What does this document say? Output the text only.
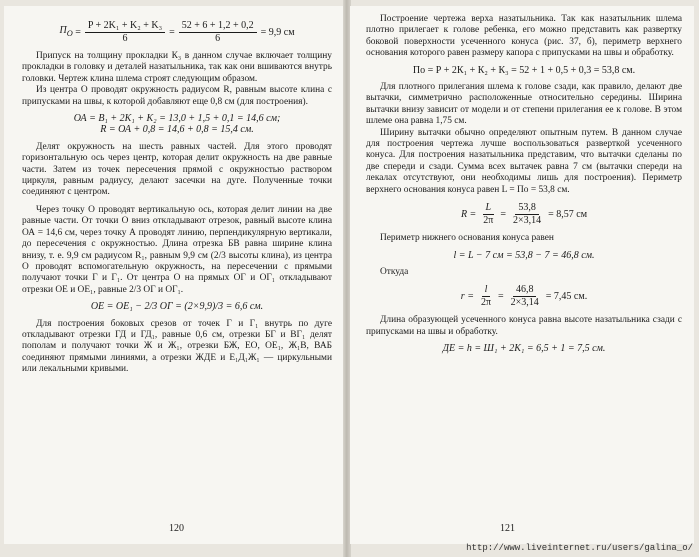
$П_О = \frac{\text{P + 2K₁ + K₂ + K₃}}{6} = \frac{52 + 6 + 1,2 + 0,2}{6} = 9,9$ см

Припуск на толщину прокладки К₃ в данном случае включает толщину прокладки в головку и деталей назатыльника, так как они вшиваются внутрь головки. Чертеж клина шлема строят следующим образом.

Из центра О проводят окружность радиусом R, равным высоте клина с припусками на швы, к которой добавляют еще 0,8 см (для построения).

ОА = В₁ + 2К₁ + К₂ = 13,0 + 1,5 + 0,1 = 14,6 см;
R = ОА + 0,8 = 14,6 + 0,8 = 15,4 см.

Делят окружность на шесть равных частей. Для этого проводят горизонтальную ось через центр, которая делит окружность на две равные части. Затем из точек пересечения прямой с окружностью раствором циркуля, равным радиусу, делают засечки на дуге. Полученные точки соединяют с центром.

Через точку О проводят вертикальную ось, которая делит линии на две равные части. От точки О вниз откладывают отрезок, равный высоте клина ОА = 14,6 см, через точку А проводят линию, перпендикулярную вертикали, до пересечения с окружностью. Длина отрезка БВ равна ширине клина внизу, т. е. 9,9 см радиусом R₁, равным 9,9 см (2/3 высоты клина), из центра О проводят вспомогательную окружность, на пересечении с прямыми получают точки Г и Г₁. От центра О на прямых ОГ и ОГ₁ откладывают отрезки ОЕ и ОЕ₁, равные 2/3 ОГ и ОГ₁.

ОЕ = ОЕ₁ − 2/3 ОГ = (2×9,9)/3 = 6,6 см.

Для построения боковых срезов от точек Г и Г₁ внутрь по дуге откладывают отрезки ГД и ГД₁, равные 0,6 см, отрезки БГ и ВГ₁ делят пополам и получают точки Ж и Ж₁, отрезки БЖ, ЕО, ОЕ₁, Ж₁В, ВАБ соединяют прямыми линиями, а отрезки ЖДЕ и Е₁Д₁Ж₁ — циркульными или лекальными кривыми.

120

Построение чертежа верха назатыльника. Так как назатыльник шлема плотно прилегает к голове ребенка, его можно представить как развертку боковой поверхности усеченного конуса (рис. 37, б), периметр верхнего основания которого равен размеру капора с припусками на швы и обработку.

По = Р + 2К₁ + К₂ + К₃ = 52 + 1 + 0,5 + 0,3 = 53,8 см.

Для плотного прилегания шлема к голове сзади, как правило, делают две вытачки, симметрично расположенные относительно середины. Ширина вытачки внизу зависит от модели и от степени прилегания ее к голове. В этом шлеме она равна 1,75 см.

Ширину вытачки обычно определяют опытным путем. В данном случае для построения чертежа лучше воспользоваться разверткой усеченного конуса. Для построения назатыльника представим, что вытачки сделаны по две спереди и сзади. Сумма всех вытачек равна 7 см (вытачки спереди на лекалах отсутствуют, они необходимы лишь для построения). Периметр верхнего основания конуса равен L = По = 53,8 см.

$R = \frac{L}{2\pi} = \frac{53,8}{2\times 3,14} = 8,57$ см

Периметр нижнего основания конуса равен

l = L − 7 см = 53,8 − 7 = 46,8 см.

Откуда

$r = \frac{l}{2\pi} = \frac{46,8}{2\times 3,14} = 7,45$ см.

Длина образующей усеченного конуса равна высоте назатыльника сзади с припусками на швы и обработку.

ДЕ = h = Ш₁ + 2К₁ = 6,5 + 1 = 7,5 см.
121
http://www.liveinternet.ru/users/galina_o/
